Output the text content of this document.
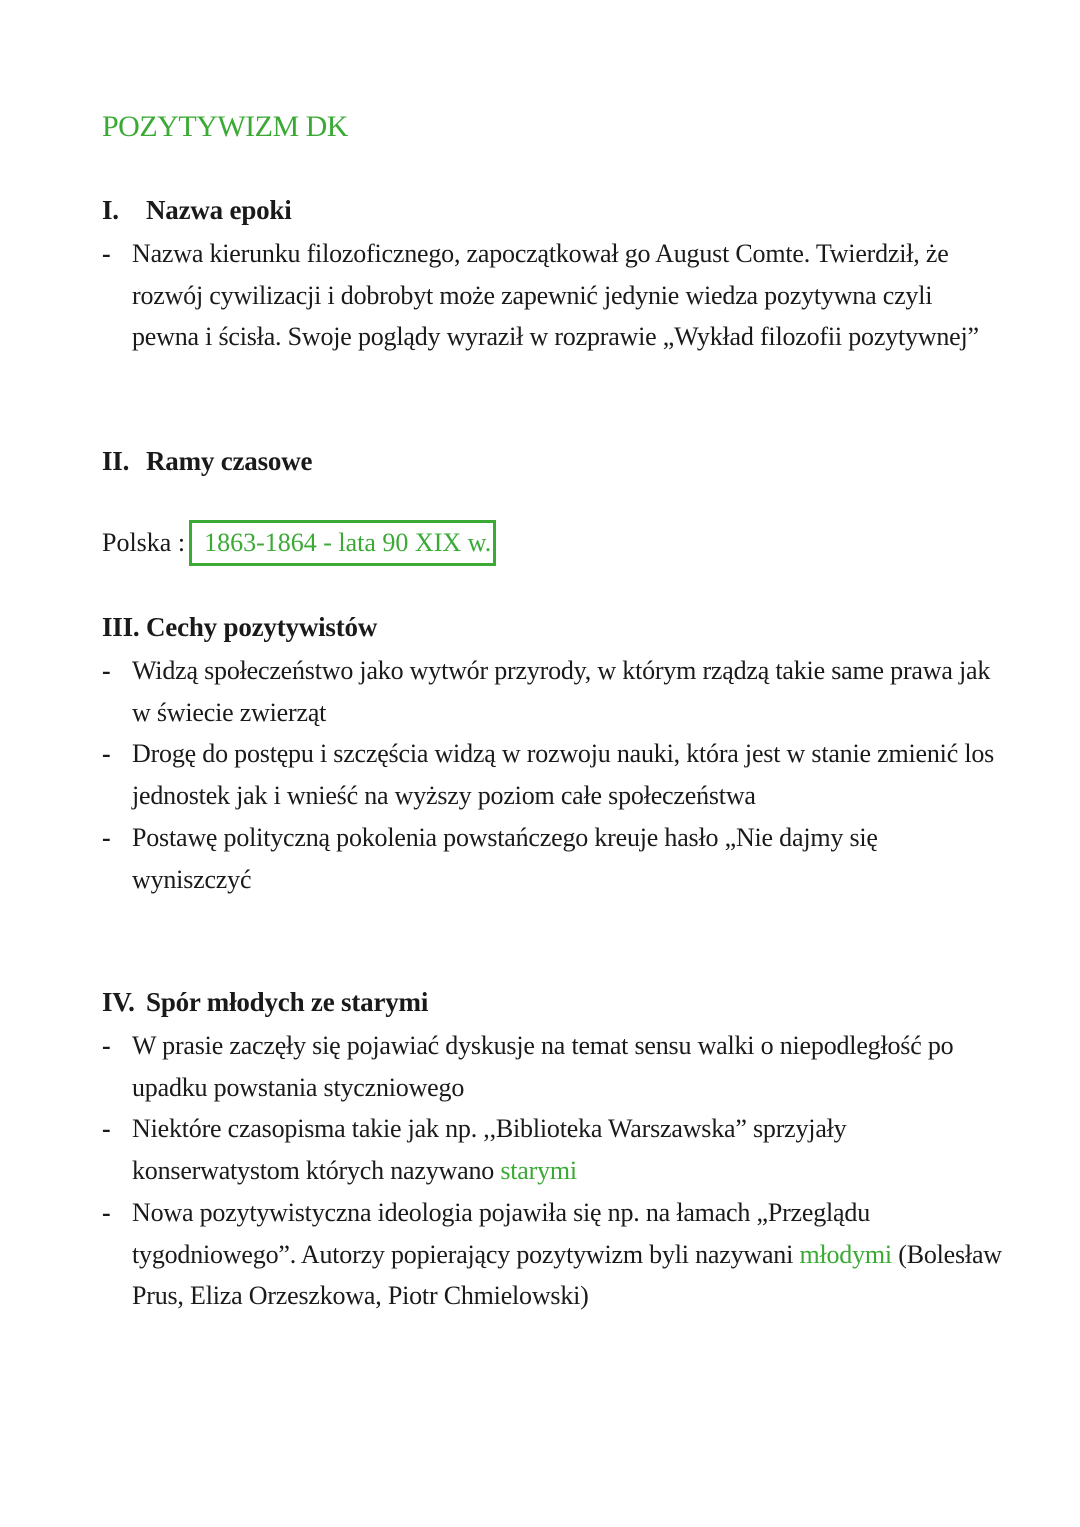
POZYTYWIZM DK
I. Nazwa epoki
- Nazwa kierunku filozoficznego, zapoczątkował go August Comte. Twierdził, że rozwój cywilizacji i dobrobyt może zapewnić jedynie wiedza pozytywna czyli pewna i ścisła. Swoje poglądy wyraził w rozprawie „Wykład filozofii pozytywnej”
II. Ramy czasowe
Polska : 1863-1864 - lata 90 XIX w.
III. Cechy pozytywistów
- Widzą społeczeństwo jako wytwór przyrody, w którym rządzą takie same prawa jak w świecie zwierząt
- Drogę do postępu i szczęścia widzą w rozwoju nauki, która jest w stanie zmienić los jednostek jak i wnieść na wyższy poziom całe społeczeństwa
- Postawę polityczną pokolenia powstańczego kreuje hasło „Nie dajmy się wyniszczyć
IV. Spór młodych ze starymi
- W prasie zaczęły się pojawiać dyskusje na temat sensu walki o niepodległość po upadku powstania styczniowego
- Niektóre czasopisma takie jak np. ,,Biblioteka Warszawska” sprzyjały konserwatystom których nazywano starymi
- Nowa pozytywistyczna ideologia pojawiła się np. na łamach „Przeglądu tygodniowego”. Autorzy popierający pozytywizm byli nazywani młodymi (Bolesław Prus, Eliza Orzeszkowa, Piotr Chmielowski)
